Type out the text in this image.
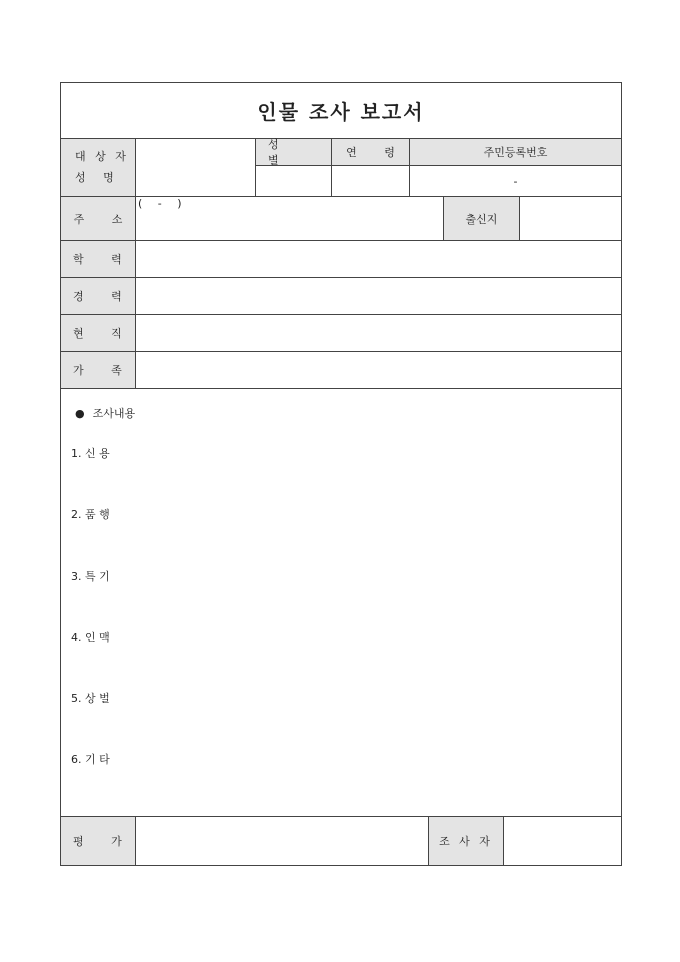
인물 조사 보고서
대 상 자
성 명
성 별
연 령	주민등록번호
-
주 소
( - )
출신지
학 력
경 력
현 직
가 족
● 조사내용
1. 신 용
2. 품 행
3. 특 기
4. 인 맥
5. 상 벌
6. 기 타
평 가	조 사 자
